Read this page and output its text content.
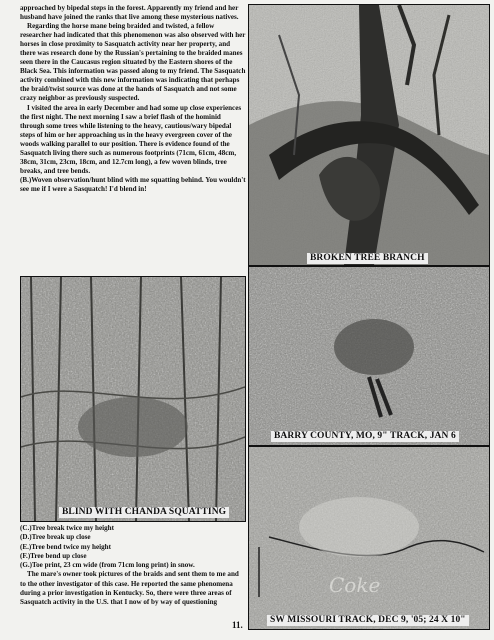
approached by bipedal steps in the forest. Apparently my friend and her husband have joined the ranks that live among these mysterious natives.

Regarding the horse mane being braided and twisted, a fellow researcher had indicated that this phenomenon was also observed with her horses in close proximity to Sasquatch activity near her property, and there was research done by the Russian's pertaining to the braided manes seen there in the Caucasus region situated by the Eastern shores of the Black Sea. This information was passed along to my friend. The Sasquatch activity combined with this new information was indicating that perhaps the braid/twist source was done at the hands of Sasquatch and not some crazy neighbor as previously suspected.

I visited the area in early December and had some up close experiences the first night. The next morning I saw a brief flash of the hominid through some trees while listening to the heavy, cautious/wary bipedal steps of him or her approaching us in the heavy evergreen cover of the woods walking parallel to our position. There is evidence found of the Sasquatch living there such as numerous footprints (71cm, 61cm, 48cm, 38cm, 31cm, 23cm, 18cm, and 12.7cm long), a few woven blinds, tree breaks, and tree bends.

(B.)Woven observation/hunt blind with me squatting behind. You wouldn't see me if I were a Sasquatch! I'd blend in!

BROKEN TREE BRANCH
BLIND WITH CHANDA SQUATTING
BARRY COUNTY, MO, 9" TRACK, JAN 6
Coke
SW MISSOURI TRACK, DEC 9, '05; 24 X 10"
(C.)Tree break twice my height
(D.)Tree break up close
(E.)Tree bend twice my height
(F.)Tree bend up close
(G.)Toe print, 23 cm wide (from 71cm long print) in snow.

The mare's owner took pictures of the braids and sent them to me and to the other investigator of this case. He reported the same phenomena during a prior investigation in Kentucky. So, there were three areas of Sasquatch activity in the U.S. that I now of by way of questioning

11.
